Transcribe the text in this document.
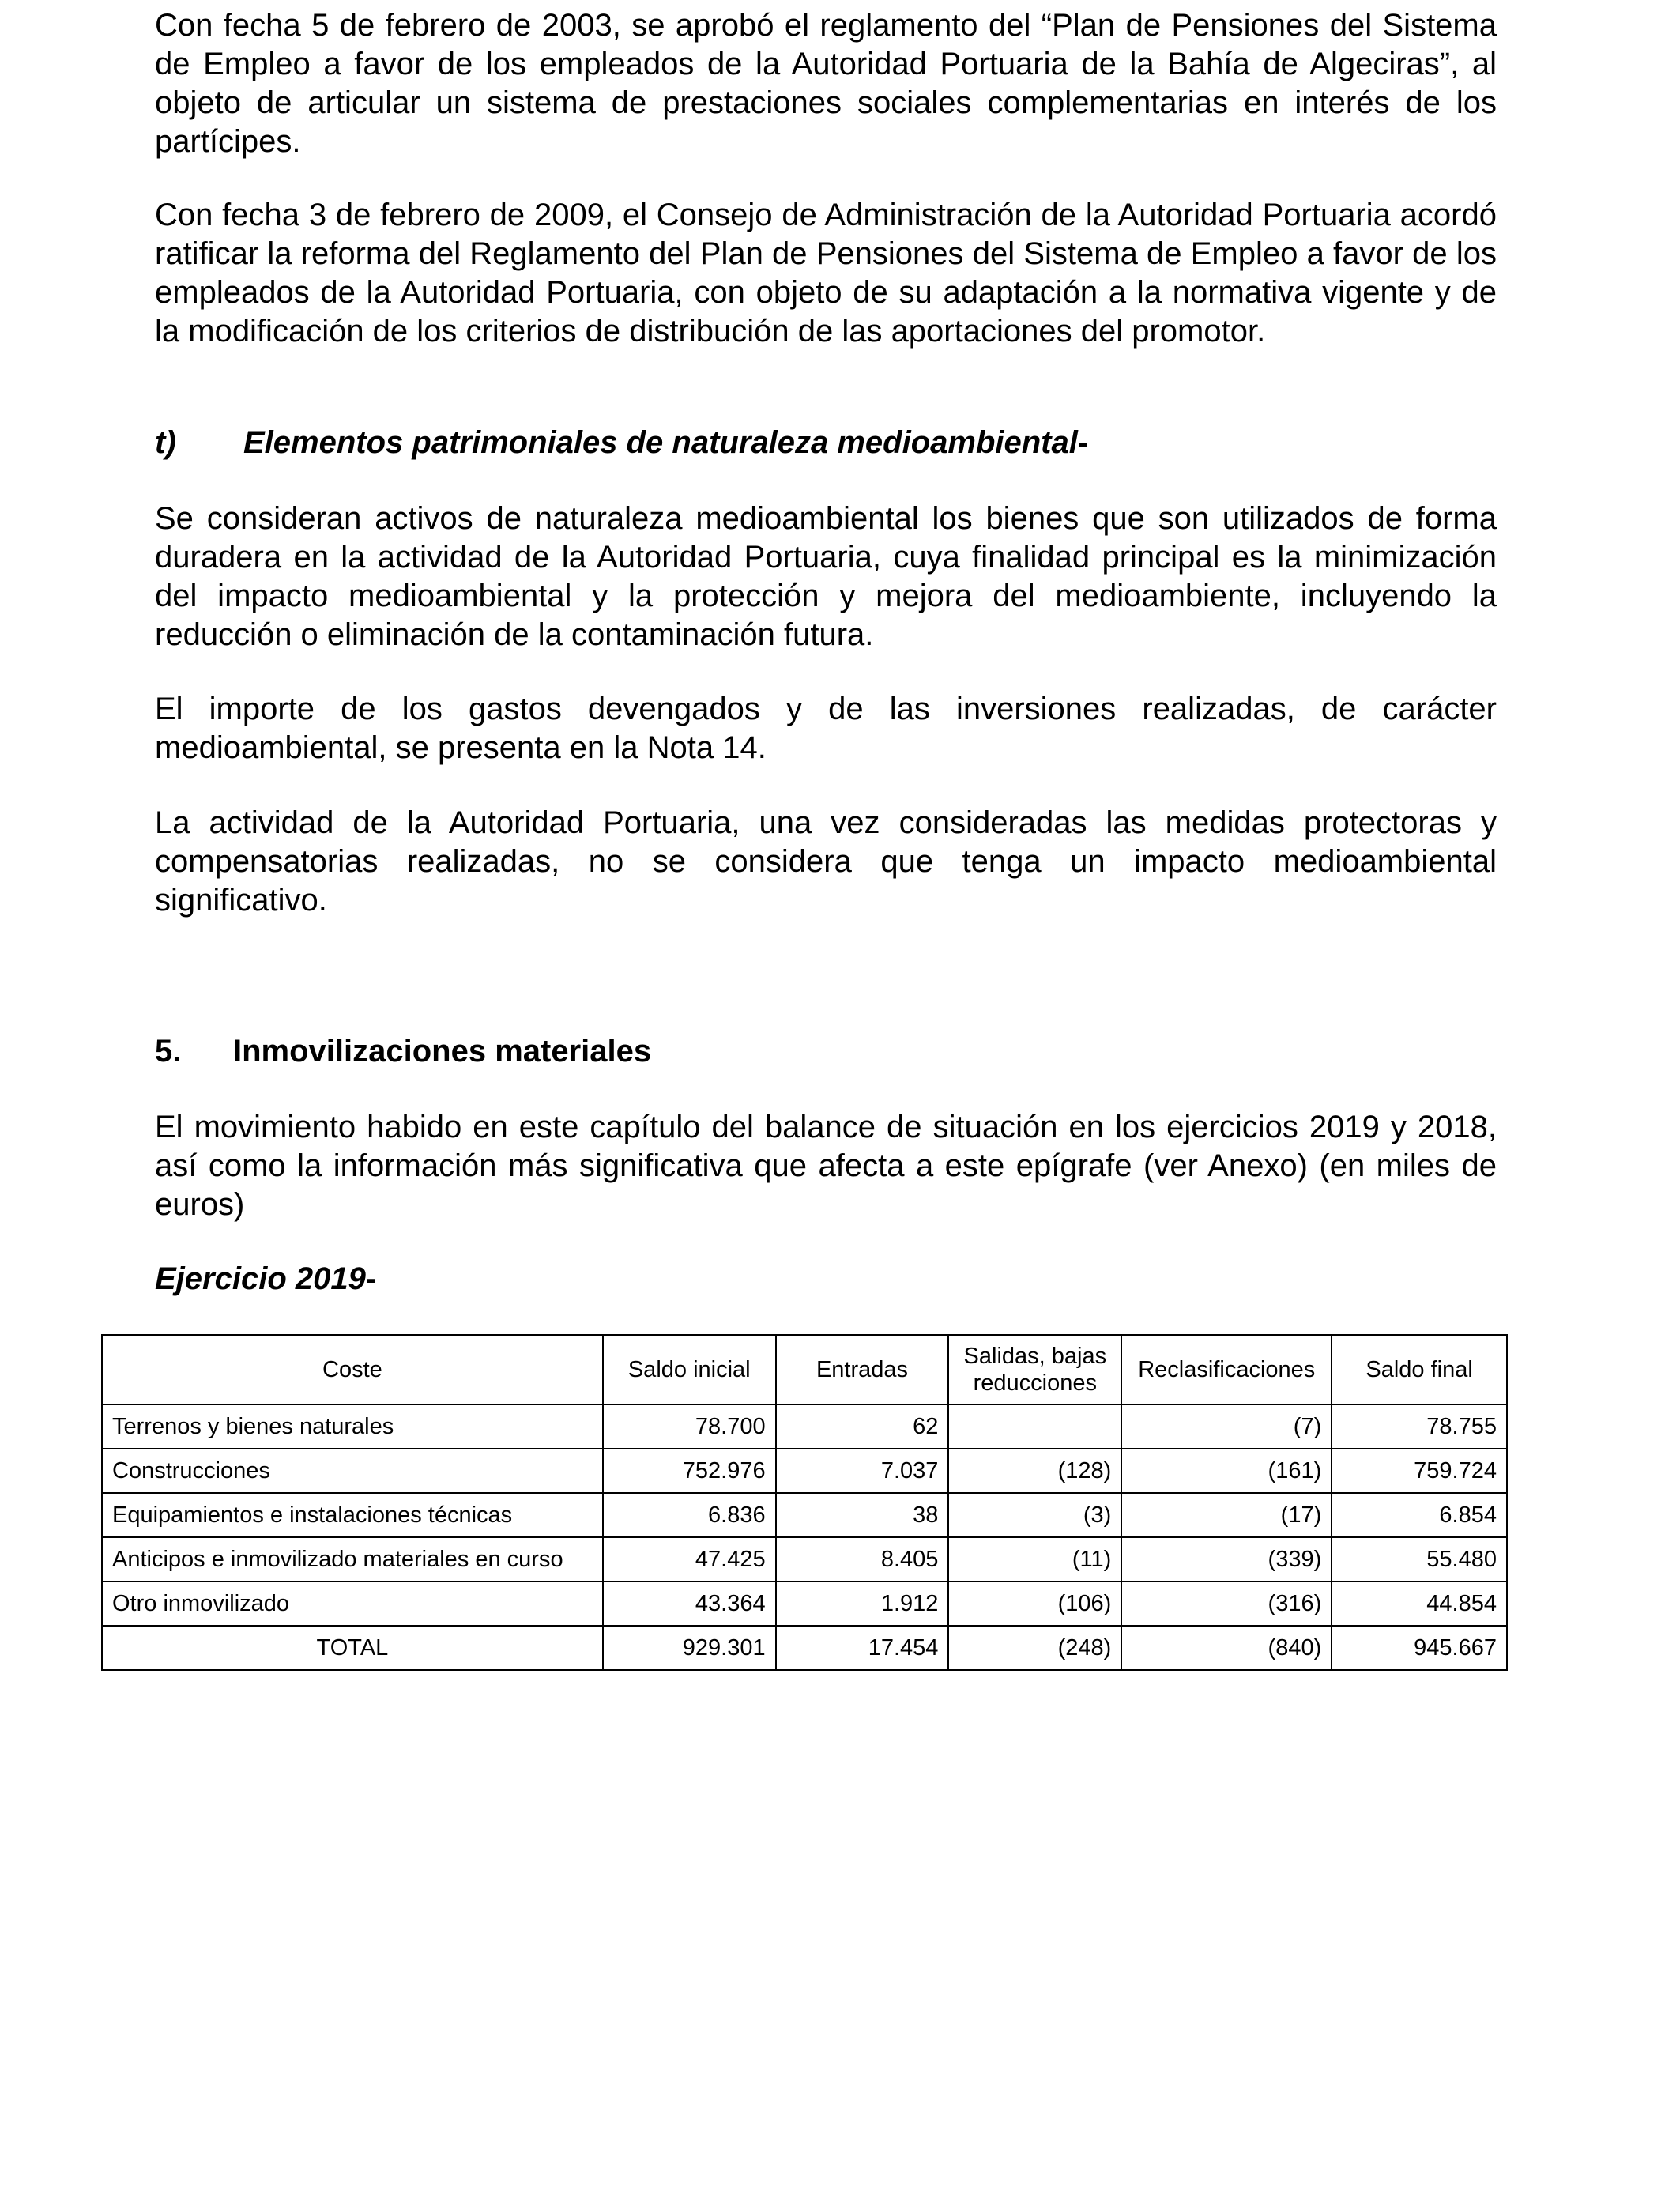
Con fecha 5 de febrero de 2003, se aprobó el reglamento del “Plan de Pensiones del Sistema de Empleo a favor de los empleados de la Autoridad Portuaria de la Bahía de Algeciras”, al objeto de articular un sistema de prestaciones sociales complementarias en interés de los partícipes.

Con fecha 3 de febrero de 2009, el Consejo de Administración de la Autoridad Portuaria acordó ratificar la reforma del Reglamento del Plan de Pensiones del Sistema de Empleo a favor de los empleados de la Autoridad Portuaria, con objeto de su adaptación a la normativa vigente y de la modificación de los criterios de distribución de las aportaciones del promotor.

t) Elementos patrimoniales de naturaleza medioambiental-

Se consideran activos de naturaleza medioambiental los bienes que son utilizados de forma duradera en la actividad de la Autoridad Portuaria, cuya finalidad principal es la minimización del impacto medioambiental y la protección y mejora del medioambiente, incluyendo la reducción o eliminación de la contaminación futura.

El importe de los gastos devengados y de las inversiones realizadas, de carácter medioambiental, se presenta en la Nota 14.

La actividad de la Autoridad Portuaria, una vez consideradas las medidas protectoras y compensatorias realizadas, no se considera que tenga un impacto medioambiental significativo.

5. Inmovilizaciones materiales

El movimiento habido en este capítulo del balance de situación en los ejercicios 2019 y 2018, así como la información más significativa que afecta a este epígrafe (ver Anexo) (en miles de euros)

Ejercicio 2019-
Coste	Saldo inicial	Entradas	Salidas, bajas reducciones	Reclasificaciones	Saldo final
Terrenos y bienes naturales	78.700	62		(7)	78.755
Construcciones	752.976	7.037	(128)	(161)	759.724
Equipamientos e instalaciones técnicas	6.836	38	(3)	(17)	6.854
Anticipos e inmovilizado materiales en curso	47.425	8.405	(11)	(339)	55.480
Otro inmovilizado	43.364	1.912	(106)	(316)	44.854
TOTAL	929.301	17.454	(248)	(840)	945.667
